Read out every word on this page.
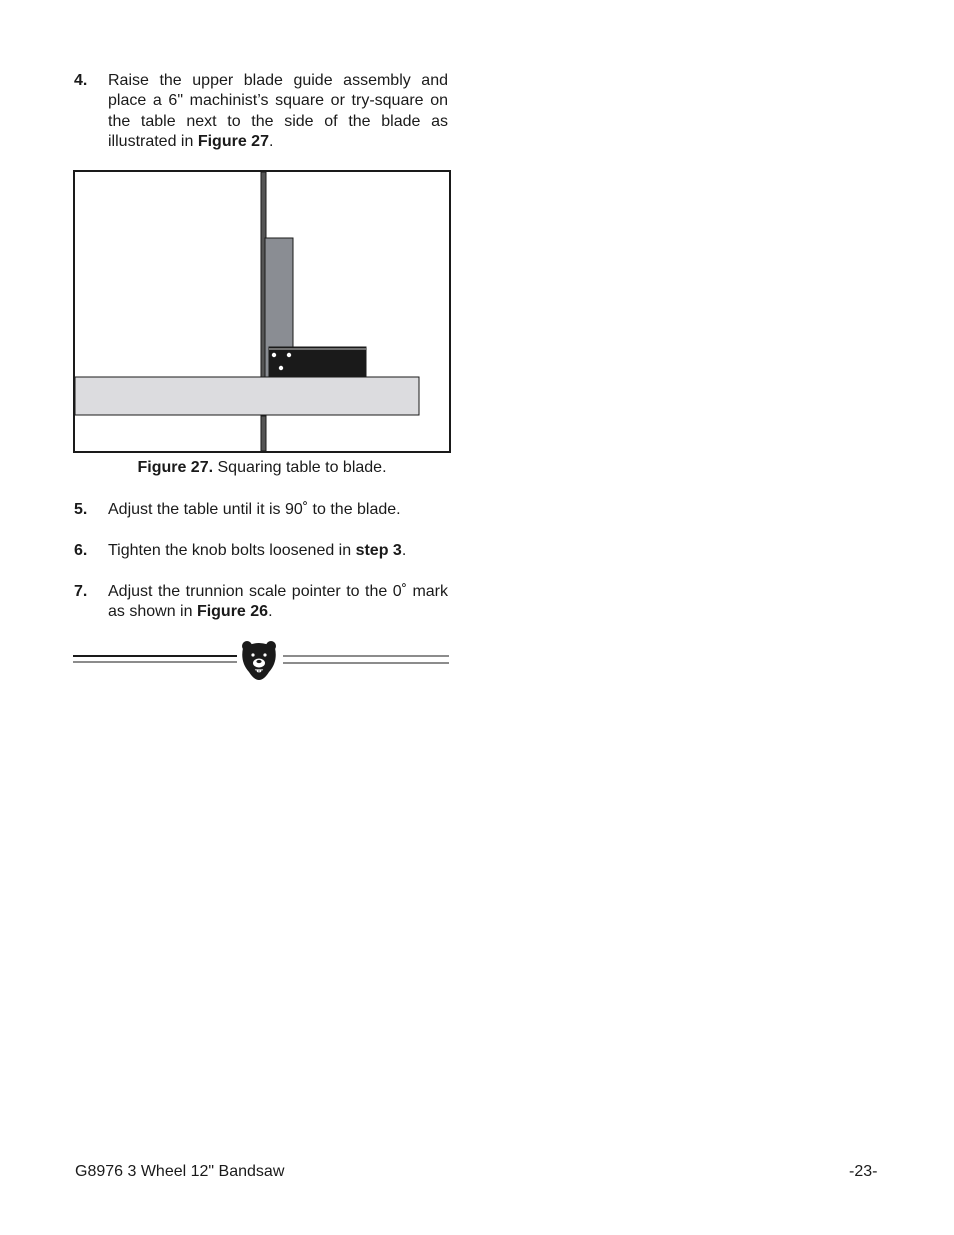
4. Raise the upper blade guide assembly and place a 6" machinist’s square or try-square on the table next to the side of the blade as illustrated in Figure 27.
Figure 27. Squaring table to blade.
5. Adjust the table until it is 90˚ to the blade.
6. Tighten the knob bolts loosened in step 3.
7. Adjust the trunnion scale pointer to the 0˚ mark as shown in Figure 26.
G8976 3 Wheel 12" Bandsaw	-23-
